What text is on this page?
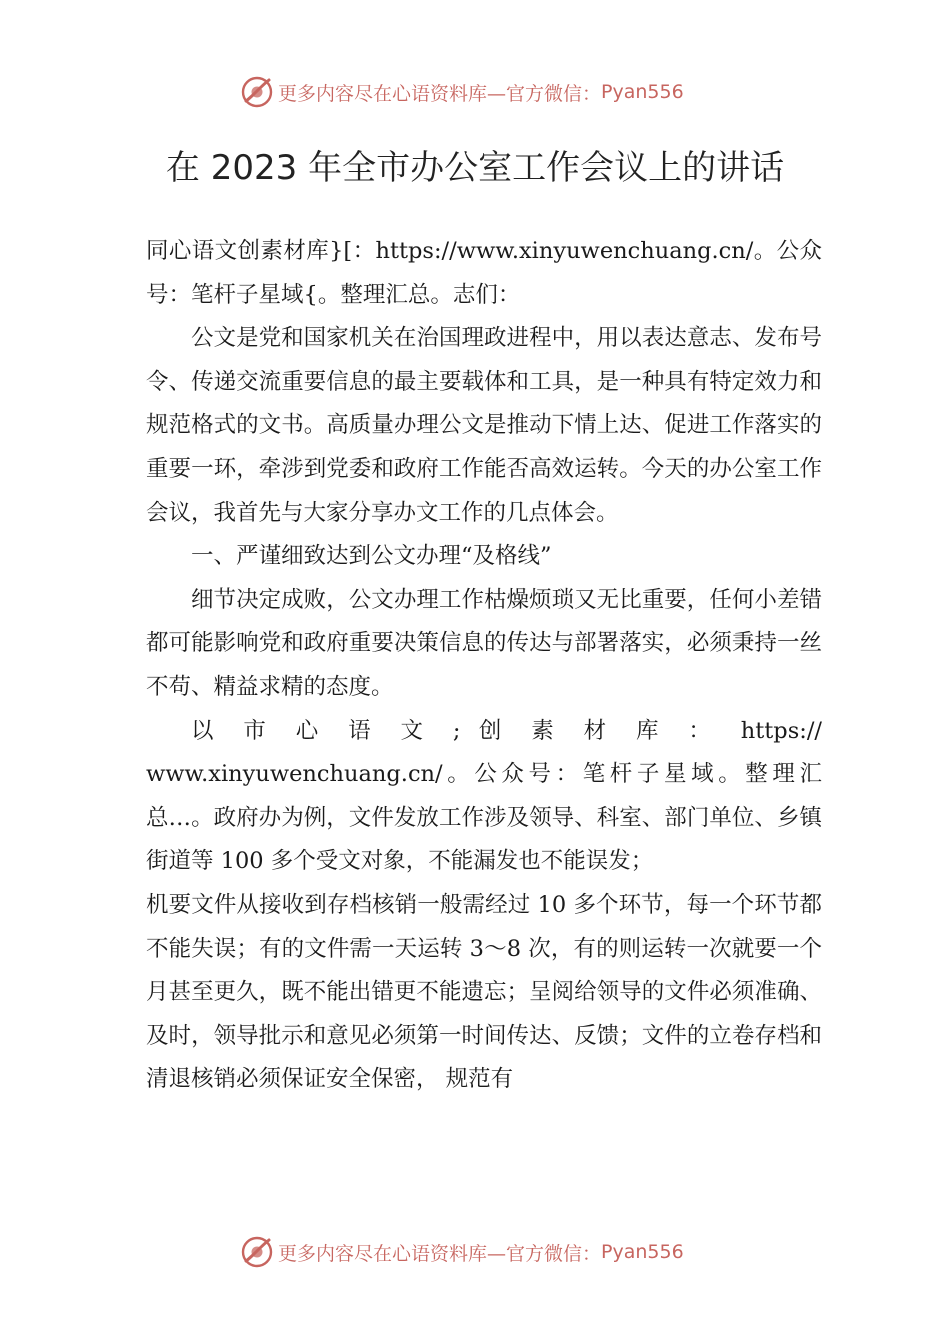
更多内容尽在心语资料库—官方微信： Pyan556
在 2023 年全市办公室工作会议上的讲话

同心语文创素材库}[：https://www.xinyuwenchuang.cn/。公众号：笔杆子星域{。整理汇总。志们：

公文是党和国家机关在治国理政进程中，用以表达意志、发布号令、传递交流重要信息的最主要载体和工具，是一种具有特定效力和规范格式的文书。高质量办理公文是推动下情上达、促进工作落实的重要一环，牵涉到党委和政府工作能否高效运转。今天的办公室工作会议，我首先与大家分享办文工作的几点体会。

一、严谨细致达到公文办理“及格线”

细节决定成败，公文办理工作枯燥烦琐又无比重要，任何小差错都可能影响党和政府重要决策信息的传达与部署落实，必须秉持一丝不苟、精益求精的态度。

以 市 心 语 文 ; 创 素 材 库 ： https://

www.xinyuwenchuang.cn/。公众号：笔杆子星域。整理汇总…。政府办为例，文件发放工作涉及领导、科室、部门单位、乡镇街道等 100 多个受文对象，不能漏发也不能误发；

机要文件从接收到存档核销一般需经过 10 多个环节，每一个环节都不能失误；有的文件需一天运转 3～8 次，有的则运转一次就要一个月甚至更久，既不能出错更不能遗忘；呈阅给领导的文件必须准确、及时，领导批示和意见必须第一时间传达、反馈；文件的立卷存档和清退核销必须保证安全保密， 规范有

更多内容尽在心语资料库—官方微信： Pyan556
